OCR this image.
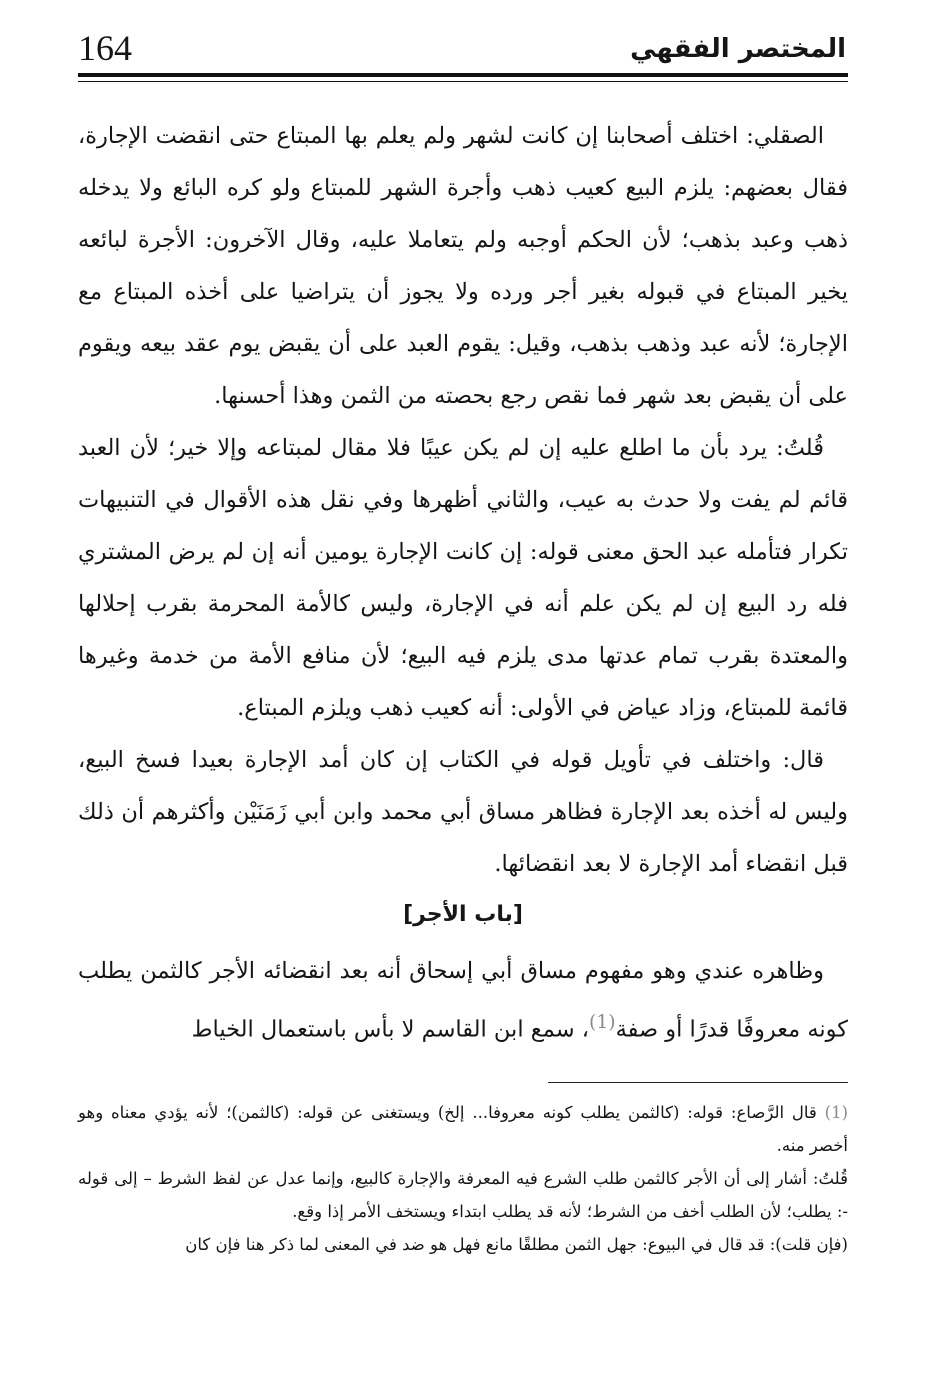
164	المختصر الفقهي

الصقلي: اختلف أصحابنا إن كانت لشهر ولم يعلم بها المبتاع حتى انقضت الإجارة، فقال بعضهم: يلزم البيع كعيب ذهب وأجرة الشهر للمبتاع ولو كره البائع ولا يدخله ذهب وعبد بذهب؛ لأن الحكم أوجبه ولم يتعاملا عليه، وقال الآخرون: الأجرة لبائعه يخير المبتاع في قبوله بغير أجر ورده ولا يجوز أن يتراضيا على أخذه المبتاع مع الإجارة؛ لأنه عبد وذهب بذهب، وقيل: يقوم العبد على أن يقبض يوم عقد بيعه ويقوم على أن يقبض بعد شهر فما نقص رجع بحصته من الثمن وهذا أحسنها.

قُلتُ: يرد بأن ما اطلع عليه إن لم يكن عيبًا فلا مقال لمبتاعه وإلا خير؛ لأن العبد قائم لم يفت ولا حدث به عيب، والثاني أظهرها وفي نقل هذه الأقوال في التنبيهات تكرار فتأمله عبد الحق معنى قوله: إن كانت الإجارة يومين أنه إن لم يرض المشتري فله رد البيع إن لم يكن علم أنه في الإجارة، وليس كالأمة المحرمة بقرب إحلالها والمعتدة بقرب تمام عدتها مدى يلزم فيه البيع؛ لأن منافع الأمة من خدمة وغيرها قائمة للمبتاع، وزاد عياض في الأولى: أنه كعيب ذهب ويلزم المبتاع.

قال: واختلف في تأويل قوله في الكتاب إن كان أمد الإجارة بعيدا فسخ البيع، وليس له أخذه بعد الإجارة فظاهر مساق أبي محمد وابن أبي زَمَنَيْن وأكثرهم أن ذلك قبل انقضاء أمد الإجارة لا بعد انقضائها.

[باب الأجر]

وظاهره عندي وهو مفهوم مساق أبي إسحاق أنه بعد انقضائه الأجر كالثمن يطلب كونه معروفًا قدرًا أو صفة$^{(1)}$، سمع ابن القاسم لا بأس باستعمال الخياط

(1) قال الرَّصاع: قوله: (كالثمن يطلب كونه معروفا... إلخ) ويستغنى عن قوله: (كالثمن)؛ لأنه يؤدي معناه وهو أخصر منه.

قُلتُ: أشار إلى أن الأجر كالثمن طلب الشرع فيه المعرفة والإجارة كالبيع، وإنما عدل عن لفظ الشرط – إلى قوله -: يطلب؛ لأن الطلب أخف من الشرط؛ لأنه قد يطلب ابتداء ويستخف الأمر إذا وقع.

(فإن قلت): قد قال في البيوع: جهل الثمن مطلقًا مانع فهل هو ضد في المعنى لما ذكر هنا فإن كان
